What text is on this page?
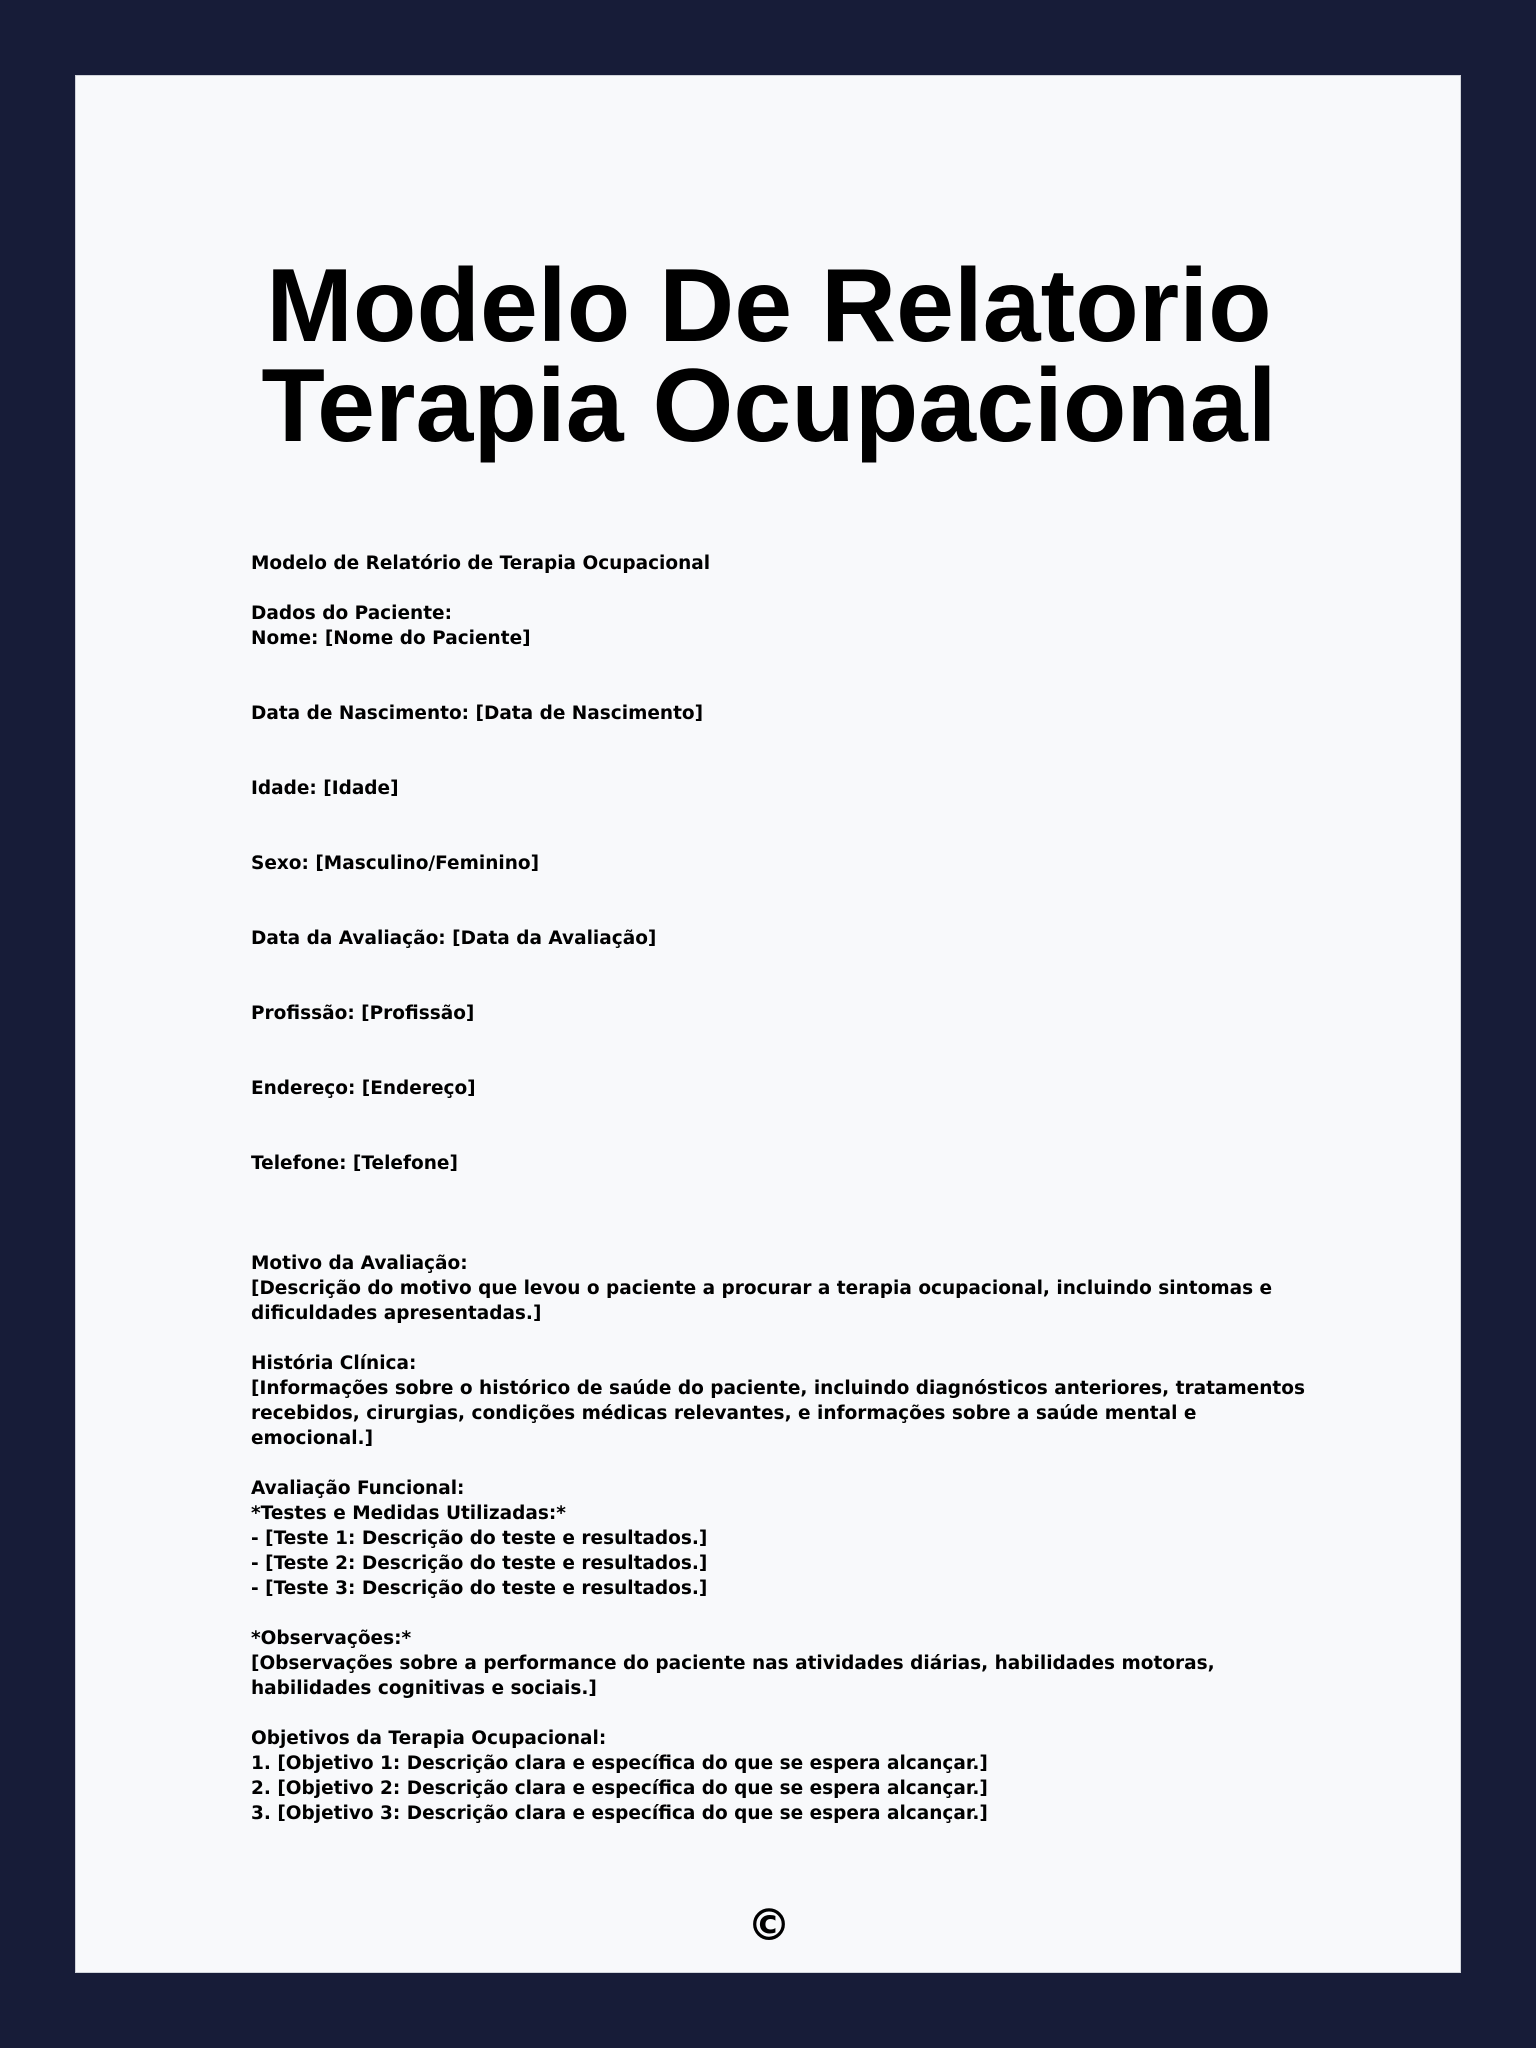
Modelo De Relatorio Terapia Ocupacional
Modelo de Relatório de Terapia Ocupacional
Dados do Paciente:
Nome: [Nome do Paciente]
Data de Nascimento: [Data de Nascimento]
Idade: [Idade]
Sexo: [Masculino/Feminino]
Data da Avaliação: [Data da Avaliação]
Profissão: [Profissão]
Endereço: [Endereço]
Telefone: [Telefone]
Motivo da Avaliação:
[Descrição do motivo que levou o paciente a procurar a terapia ocupacional, incluindo sintomas e dificuldades apresentadas.]
História Clínica:
[Informações sobre o histórico de saúde do paciente, incluindo diagnósticos anteriores, tratamentos recebidos, cirurgias, condições médicas relevantes, e informações sobre a saúde mental e emocional.]
Avaliação Funcional:
*Testes e Medidas Utilizadas:*
- [Teste 1: Descrição do teste e resultados.]
- [Teste 2: Descrição do teste e resultados.]
- [Teste 3: Descrição do teste e resultados.]
*Observações:*
[Observações sobre a performance do paciente nas atividades diárias, habilidades motoras, habilidades cognitivas e sociais.]
Objetivos da Terapia Ocupacional:
1. [Objetivo 1: Descrição clara e específica do que se espera alcançar.]
2. [Objetivo 2: Descrição clara e específica do que se espera alcançar.]
3. [Objetivo 3: Descrição clara e específica do que se espera alcançar.]
©
